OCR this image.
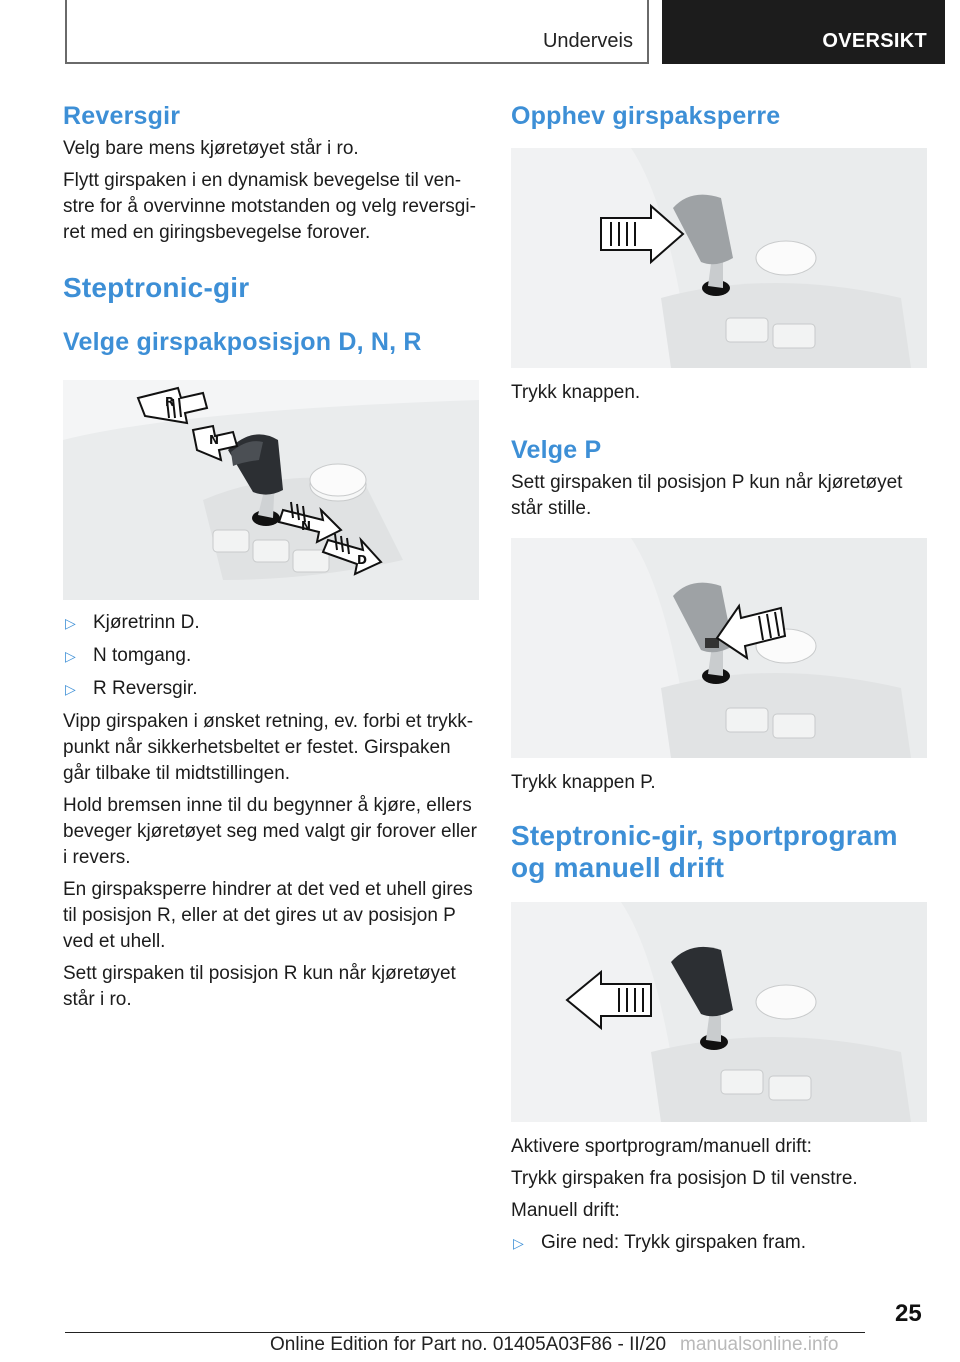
Underveis	OVERSIKT
Reversgir

Velg bare mens kjøretøyet står i ro.

Flytt girspaken i en dynamisk bevegelse til ven-stre for å overvinne motstanden og velg reversgi-ret med en giringsbevegelse forover.

Steptronic-gir
Velge girspakposisjon D, N, R
R
N
N
D
▷ Kjøretrinn D.
▷ N tomgang.
▷ R Reversgir.

Vipp girspaken i ønsket retning, ev. forbi et trykk-punkt når sikkerhetsbeltet er festet. Girspaken går tilbake til midtstillingen.

Hold bremsen inne til du begynner å kjøre, ellers beveger kjøretøyet seg med valgt gir forover eller i revers.

En girspaksperre hindrer at det ved et uhell gires til posisjon R, eller at det gires ut av posisjon P ved et uhell.

Sett girspaken til posisjon R kun når kjøretøyet står i ro.

Opphev girspaksperre

Trykk knappen.

Velge P

Sett girspaken til posisjon P kun når kjøretøyet står stille.

Trykk knappen P.

Steptronic-gir, sportprogram og manuell drift

Aktivere sportprogram/manuell drift:

Trykk girspaken fra posisjon D til venstre.

Manuell drift:

▷ Gire ned: Trykk girspaken fram.
25
Online Edition for Part no. 01405A03F86 - II/20 manualsonline.info
